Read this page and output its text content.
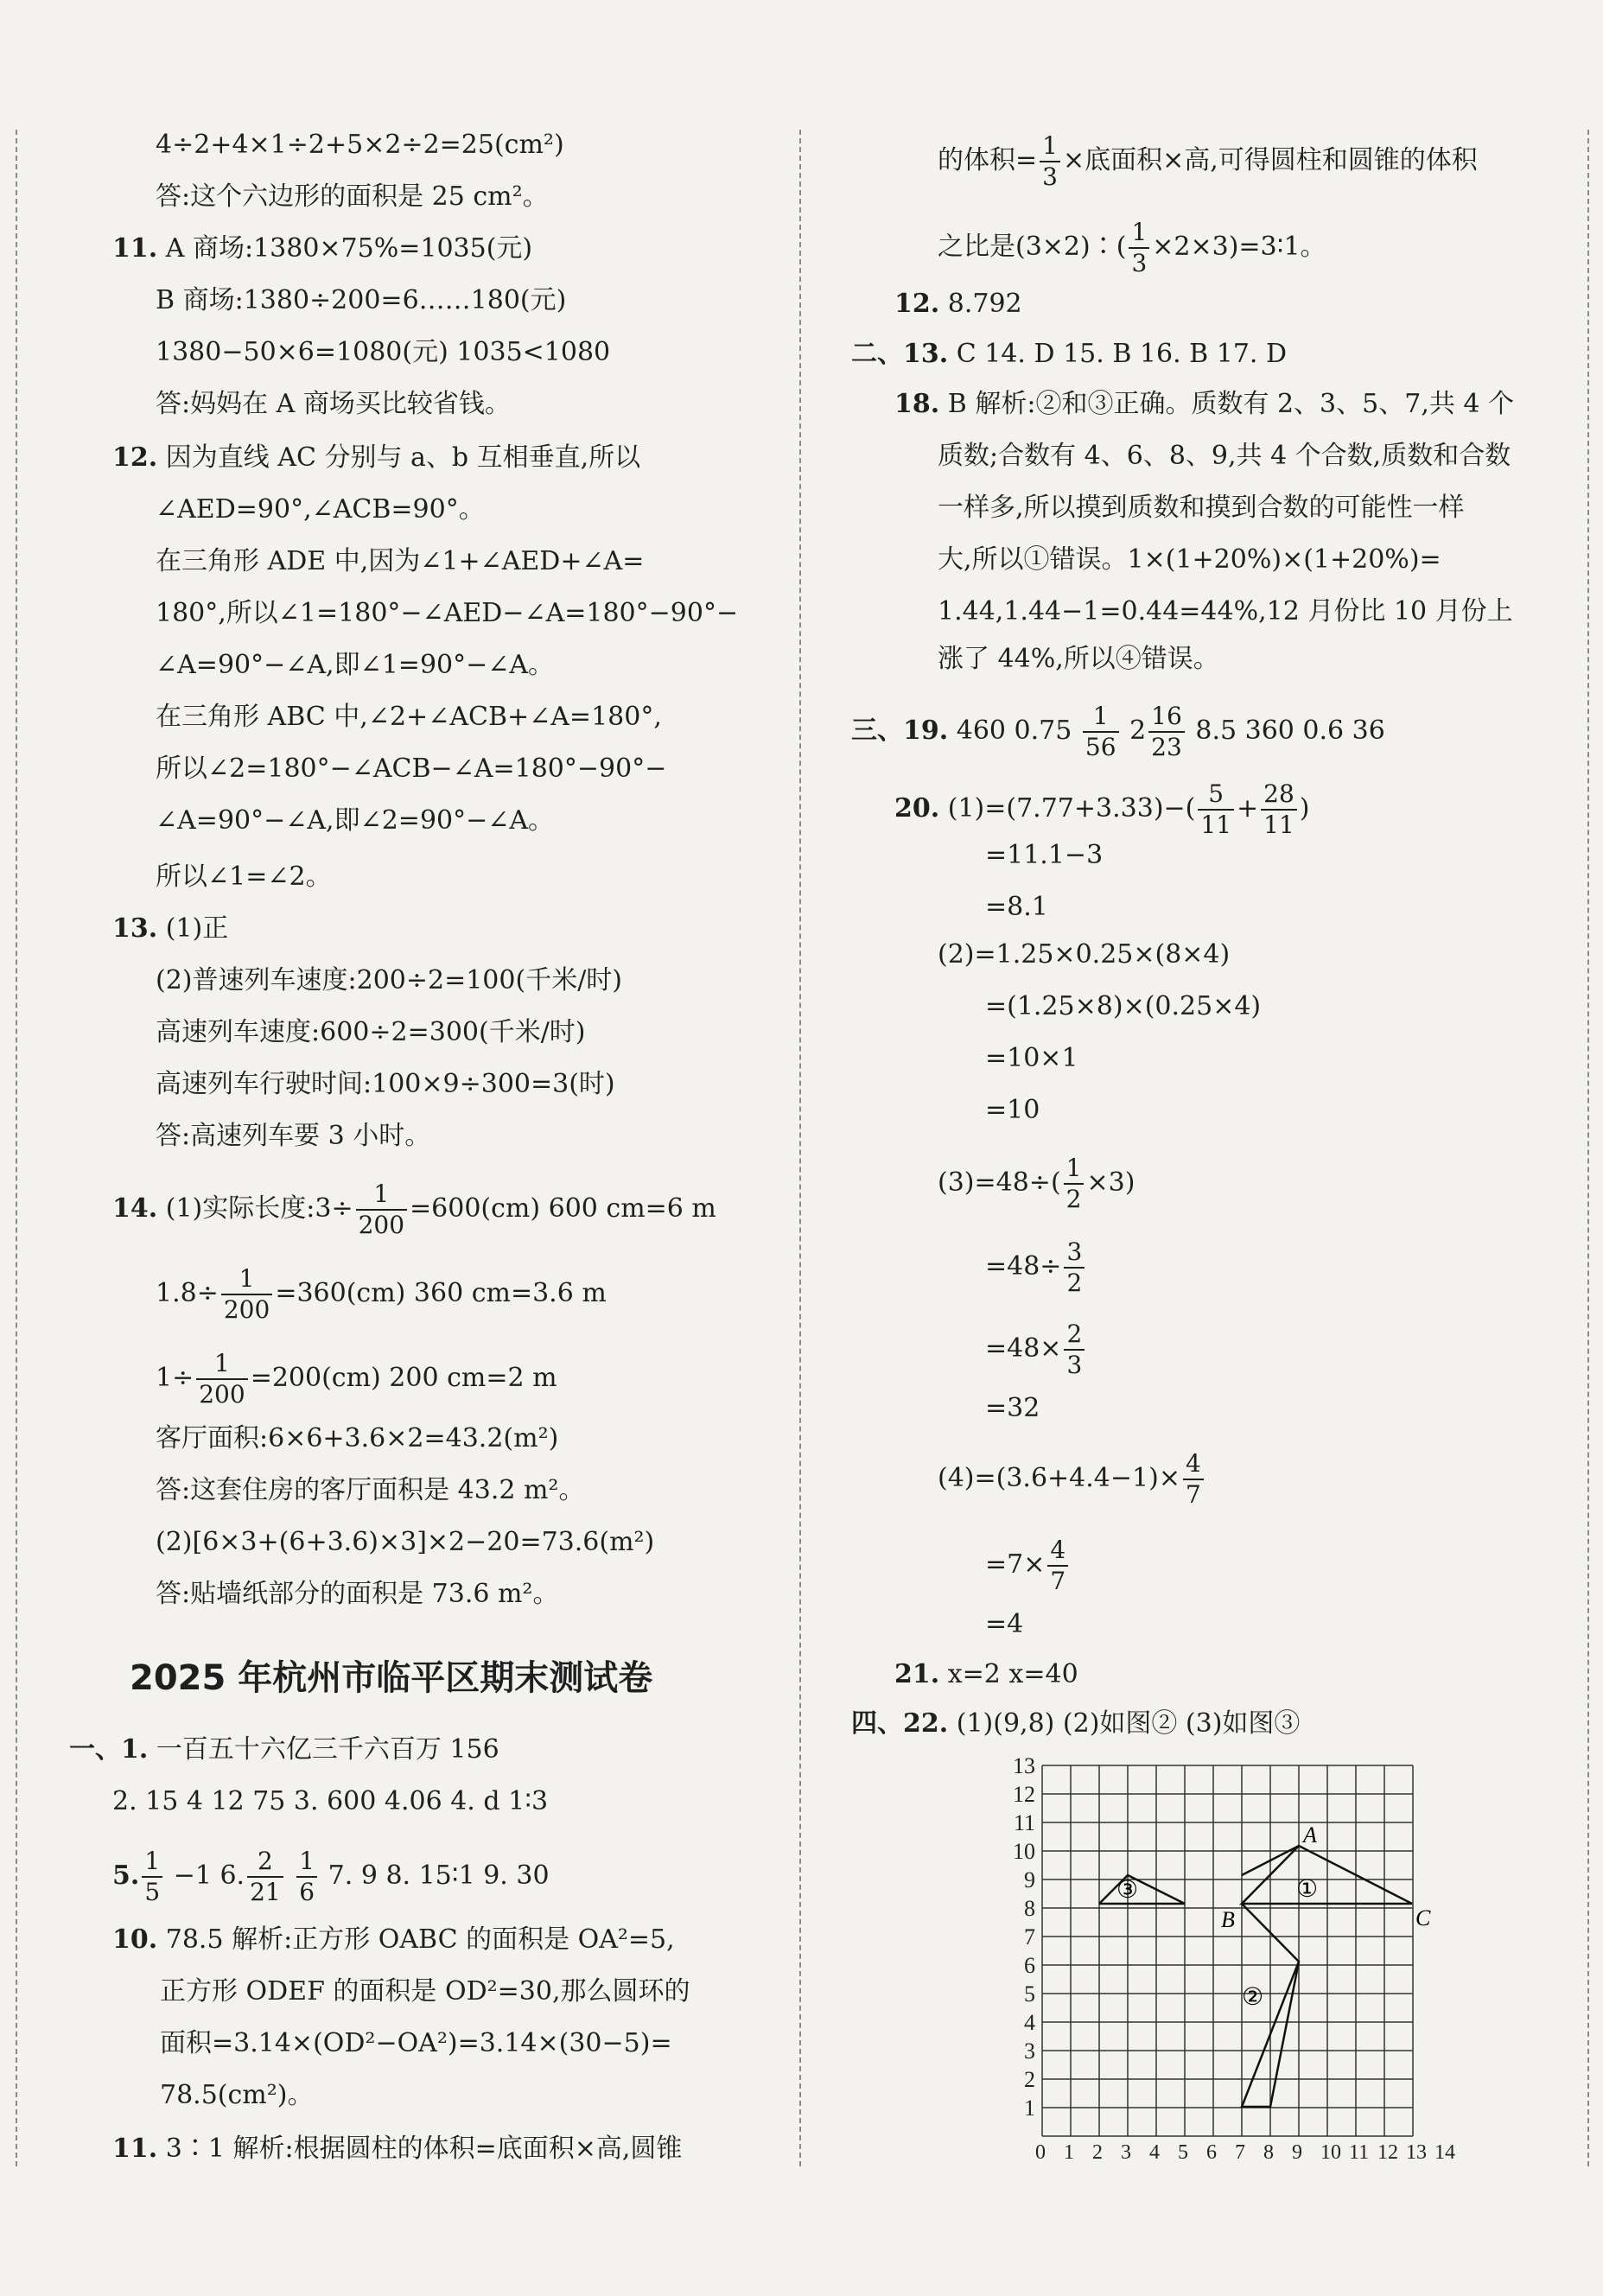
4÷2+4×1÷2+5×2÷2=25(cm²)
答:这个六边形的面积是 25 cm²。
11. A 商场:1380×75%=1035(元)
B 商场:1380÷200=6……180(元)
1380−50×6=1080(元) 1035<1080
答:妈妈在 A 商场买比较省钱。
12. 因为直线 AC 分别与 a、b 互相垂直,所以
∠AED=90°,∠ACB=90°。
在三角形 ADE 中,因为∠1+∠AED+∠A=
180°,所以∠1=180°−∠AED−∠A=180°−90°−
∠A=90°−∠A,即∠1=90°−∠A。
在三角形 ABC 中,∠2+∠ACB+∠A=180°,
所以∠2=180°−∠ACB−∠A=180°−90°−
∠A=90°−∠A,即∠2=90°−∠A。
所以∠1=∠2。
13. (1)正
(2)普速列车速度:200÷2=100(千米/时)
高速列车速度:600÷2=300(千米/时)
高速列车行驶时间:100×9÷300=3(时)
答:高速列车要 3 小时。
14. (1)实际长度:3÷ $\frac{1}{200} =600(cm)$ 600 cm=6 m
$1.8\div \frac{1}{200} =360(cm)$ 360 cm=3.6 m
$1\div \frac{1}{200} =200(cm)$ 200 cm=2 m
客厅面积:6×6+3.6×2=43.2(m²)
答:这套住房的客厅面积是 43.2 m²。
(2)[6×3+(6+3.6)×3]×2−20=73.6(m²)
答:贴墙纸部分的面积是 73.6 m²。
2025 年杭州市临平区期末测试卷
一、1. 一百五十六亿三千六百万 156
2. 15 4 12 75 3. 600 4.06 4. d 1∶3
5. $\frac{1}{5} -1$ 6. $\frac{2}{21}$
$\frac{1}{6} 7$. 9 8. 15∶1 9. 30
10. 78.5 解析:正方形 OABC 的面积是 OA²=5,
正方形 ODEF 的面积是 OD²=30,那么圆环的
面积=3.14×(OD²−OA²)=3.14×(30−5)=
78.5(cm²)。
11. 3∶1 解析:根据圆柱的体积=底面积×高,圆锥
的体积= $\frac{1}{3}$ ×底面积×高,可得圆柱和圆锥的体积
之比是(3×2)∶( $\frac{1}{3}$ ×2×3)=3∶1。
12. 8.792
二、13. C 14. D 15. B 16. B 17. D
18. B 解析:②和③正确。质数有 2、3、5、7,共 4 个
质数;合数有 4、6、8、9,共 4 个合数,质数和合数
一样多,所以摸到质数和摸到合数的可能性一样
大,所以①错误。1×(1+20%)×(1+20%)=
1.44,1.44−1=0.44=44%,12 月份比 10 月份上
涨了 44%,所以④错误。
三、19. 460 $0.75 \frac{1}{56} 2 \frac{16}{23} 8.5$ 360 0.6 36
20. $(1)=(7.77+3.33)-( \frac{5}{11} + \frac{28}{11}$ )
=11.1−3
=8.1
(2)=1.25×0.25×(8×4)
=(1.25×8)×(0.25×4)
=10×1
=10
$(3)=48\div( \frac{1}{2} \times 3)$
$=48\div \frac{3}{2}$
$=48\times \frac{2}{3}$
=32
$(4)=(3.6+4.4-1)\times \frac{4}{7}$
$=7\times \frac{4}{7}$
=4
21. x=2 x=40
四、22. (1)(9,8) (2)如图② (3)如图③
13
12
11
10
9
8
7
6
5
4
3
2
1
0 1 2 3 4 5 6 7 8 9 10 11 12 13 14
A
B	C
①
②
③
